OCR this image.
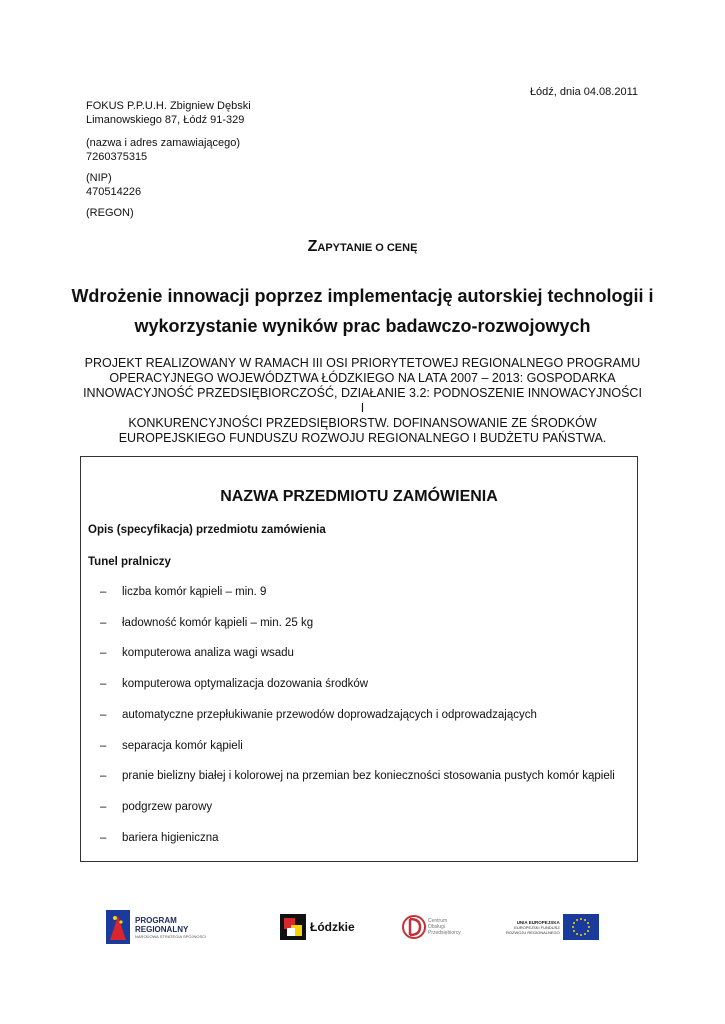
Łódź, dnia 04.08.2011
FOKUS P.P.U.H. Zbigniew Dębski
Limanowskiego 87, Łódź 91-329
(nazwa i adres zamawiającego)
7260375315
(NIP)
470514226
(REGON)
ZAPYTANIE O CENĘ
Wdrożenie innowacji poprzez implementację autorskiej technologii i
wykorzystanie wyników prac badawczo-rozwojowych
PROJEKT REALIZOWANY W RAMACH III OSI PRIORYTETOWEJ REGIONALNEGO PROGRAMU
OPERACYJNEGO WOJEWÓDZTWA ŁÓDZKIEGO NA LATA 2007 – 2013: GOSPODARKA
INNOWACYJNOŚĆ PRZEDSIĘBIORCZOŚĆ, DZIAŁANIE 3.2: PODNOSZENIE INNOWACYJNOŚCI I
KONKURENCYJNOŚCI PRZEDSIĘBIORSTW. DOFINANSOWANIE ZE ŚRODKÓW
EUROPEJSKIEGO FUNDUSZU ROZWOJU REGIONALNEGO I BUDŻETU PAŃSTWA.
NAZWA PRZEDMIOTU ZAMÓWIENIA
Opis (specyfikacja) przedmiotu zamówienia
Tunel pralniczy
– liczba komór kąpieli – min. 9
– ładowność komór kąpieli – min. 25 kg
– komputerowa analiza wagi wsadu
– komputerowa optymalizacja dozowania środków
– automatyczne przepłukiwanie przewodów doprowadzających i odprowadzających
– separacja komór kąpieli
– pranie bielizny białej i kolorowej na przemian bez konieczności stosowania pustych komór kąpieli
– podgrzew parowy
– bariera higieniczna
PROGRAM
REGIONALNY
NARODOWA STRATEGIA SPÓJNOŚCI
Łódzkie	Centrum
Obsługi
Przedsiębiorcy
UNIA EUROPEJSKA
EUROPEJSKI FUNDUSZ
ROZWOJU REGIONALNEGO
